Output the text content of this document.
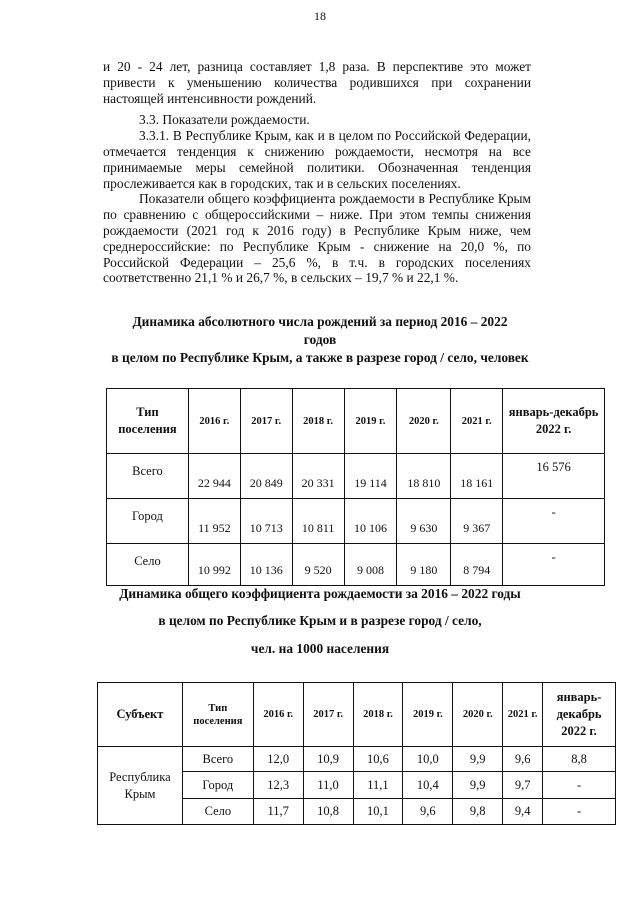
18

и 20 - 24 лет, разница составляет 1,8 раза. В перспективе это может привести к уменьшению количества родившихся при сохранении настоящей интенсивности рождений.

3.3. Показатели рождаемости.

3.3.1. В Республике Крым, как и в целом по Российской Федерации, отмечается тенденция к снижению рождаемости, несмотря на все принимаемые меры семейной политики. Обозначенная тенденция прослеживается как в городских, так и в сельских поселениях.

Показатели общего коэффициента рождаемости в Республике Крым по сравнению с общероссийскими – ниже. При этом темпы снижения рождаемости (2021 год к 2016 году) в Республике Крым ниже, чем среднероссийские: по Республике Крым - снижение на 20,0 %, по Российской Федерации – 25,6 %, в т.ч. в городских поселениях соответственно 21,1 % и 26,7 %, в сельских – 19,7 % и 22,1 %.

Динамика абсолютного числа рождений за период 2016 – 2022
годов
в целом по Республике Крым, а также в разрезе город / село, человек
Тип поселения	2016 г.	2017 г.	2018 г.	2019 г.	2020 г.	2021 г.	январь-декабрь 2022 г.
Всего	22 944	20 849	20 331	19 114	18 810	18 161	16 576
Город	11 952	10 713	10 811	10 106	9 630	9 367	-
Село	10 992	10 136	9 520	9 008	9 180	8 794	-
Динамика общего коэффициента рождаемости за 2016 – 2022 годы
в целом по Республике Крым и в разрезе город / село,
чел. на 1000 населения
Субъект	Тип поселения	2016 г.	2017 г.	2018 г.	2019 г.	2020 г.	2021 г.	январь-декабрь 2022 г.
Республика Крым	Всего	12,0	10,9	10,6	10,0	9,9	9,6	8,8
	Город	12,3	11,0	11,1	10,4	9,9	9,7	-
	Село	11,7	10,8	10,1	9,6	9,8	9,4	-
